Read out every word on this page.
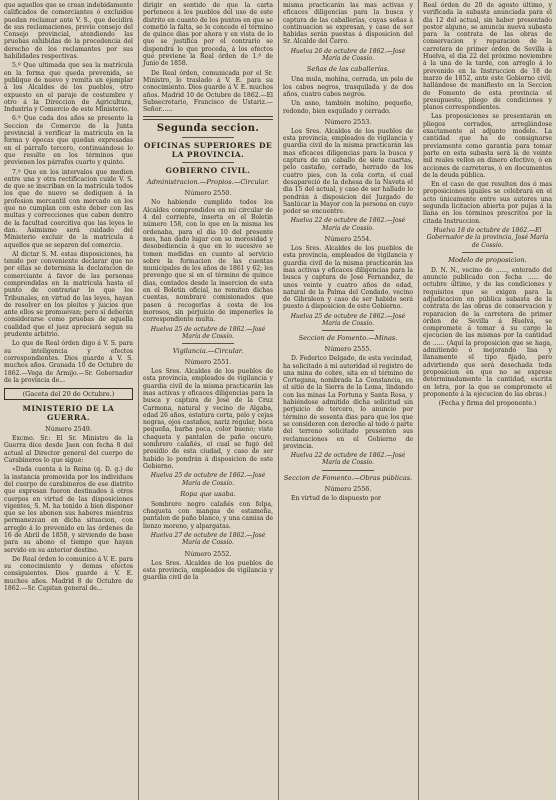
que aquellos que se crean indebidamente calificados de comerciantes ó excluidos puedan reclamar ante V. S., que decidirá de sus reclamaciones, previo consejo del Consejo provincial, atendiendo las pruebas exhibidas de la procedencia del derecho de los reclamantes por sus habilidades respectivas.

5.º Que ultimada que sea la matrícula en la forma que queda prevenida, se publique de nuevo y remita un ejemplar á los Alcaldes de los pueblos, otro expuesto en el paraje de costumbre y otro á la Direccion de Agricultura, Industria y Comercio de este Ministerio.

6.º Que cada dos años se presente la Seccion de Comercio de la Junta provincial á verificar la matrícula en la forma y épocas que quedan expresadas en el párrafo tercero, continuándose lo que resulte en los términos que previenen los párrafos cuarto y quinto.

7.º Que en los intervalos que medien entre una y otra rectificacion cuide V. S. de que se inscriban en la matrícula todos los que de nuevo se dediquen á la profesion mercantil con mercado en los que no cumplan con este deber con las multas y correcciones que caben dentro de la facultad coercitiva que las leyes le dan. Asimismo será cuidado del Ministerio excluir de la matrícula á aquellos que se separen del comercio.

Al dictar S. M. estas disposiciones, ha tenido por conveniente declarar que no por ellas se determina la declaracion de comerciante á favor de las personas comprendidas en la matrícula hasta el punto de contrariar lo que los Tribunales, en virtud de las leyes, hayan de resolver en los pleitos y juicios que ante ellos se promuevan; pero sí deberán considerarse como pruebas de aquella cualidad que el juez apreciará segun su prudente arbitrio.

Lo que de Real órden digo á V. S. para su inteligencia y efectos correspondientes. Dios guarde á V. S. muchos años. Granada 10 de Octubre de 1862.—Vega de Armijo.—Sr. Gobernador de la provincia de...

(Gaceta del 20 de Octubre.)
MINISTERIO DE LA GUERRA.
Número 2549.

Excmo. Sr.: El Sr. Ministro de la Guerra dice desde Jaen con fecha 8 del actual al Director general del cuerpo de Carabineros lo que sigue:

«Dada cuenta á la Reina (q. D. g.) de la instancia promovida por los individuos del cuerpo de carabineros de ese distrito que expresan fueron destinados á otros cuerpos en virtud de las disposiciones vigentes, S. M. ha tenido á bien disponer que se les abonen sus haberes mientras permanezcan en dicha situacion, con arreglo á lo prevenido en las órdenes de 16 de Abril de 1858, y sirviendo de base para su abono el tiempo que hayan servido en su anterior destino.

De Real órden lo comunico á V. E. para su conocimiento y demas efectos consiguientes. Dios guarde á V. E. muchos años. Madrid 8 de Octubre de 1862.—Sr. Capitan general de...

dirigir en sentido de que la carta pertenece á los pueblos del uso de este distrito en cuanto de los puntos en que se cometió la falta, se le concede el término de quince dias por ahora y en vista de lo que se justifica por el contrario se dispondrá lo que proceda, á los efectos que previene la Real órden de 1.º de Junio de 1858.

De Real órden, comunicada por el Sr. Ministro, lo traslado á V. E. para su conocimiento. Dios guarde á V. E. muchos años. Madrid 10 de Octubre de 1862.—El Subsecretario, Francisco de Ustariz.—Señor......

Segunda seccion.
OFICINAS SUPERIORES DE LA PROVINCIA.
GOBIERNO CIVIL.
Administracion.—Propios.—Circular.
Número 2550.

No habiendo cumplido todos los Alcaldes comprendidos en mi circular de 4 del corriente, inserta en el Boletin número 158, con lo que en la misma les ordenaba, para el dia 10 del presente mes, han dado lugar con su morosidad y desobediencia á que en lo sucesivo se tomen medidas en cuanto al servicio sobre la formacion de las cuentas municipales de los años de 1861 y 62; les prevengo que si en el término de quince dias, contados desde la insercion de esta en el Boletin oficial, no remiten dichas cuentas, nombraré comisionados que pasen á recogerlas á costa de los morosos, sin perjuicio de imponerles la correspondiente multa.

Huelva 25 de octubre de 1862.—José María de Cossío.

Vigilancia.—Circular.
Número 2551.

Los Sres. Alcaldes de los pueblos de esta provincia, empleados de vigilancia y guardia civil de la misma practicarán las mas activas y eficaces diligencias para la busca y captura de José de la Cruz Carmona, natural y vecino de Algaba, edad 26 años, estatura corta, pelo y cejas negras, ojos castaños, nariz regular, boca pequeña, barba poca, color bueno; viste chaqueta y pantalon de paño oscuro, sombrero calañés, el cual se fugó del presidio de esta ciudad, y caso de ser habido lo pondrán á disposicion de este Gobierno.

Huelva 25 de octubre de 1862.—José María de Cossío.

Ropa que usaba.

Sombrero negro calañés con felpa, chaqueta con mangas de estameña, pantalon de paño blanco, y una camisa de lienzo moreno, y alpargatas.

Huelva 27 de octubre de 1862.—José María de Cossío.

Número 2552.

Los Sres. Alcaldes de los pueblos de esta provincia, empleados de vigilancia y guardia civil de la

misma practicarán las mas activas y eficaces diligencias para la busca y captura de las caballerías, cuyas señas á continuacion se expresan, y caso de ser habidas serán puestas á disposicion del Sr. Alcalde del Cerro.

Huelva 26 de octubre de 1862.—José María de Cossío.

Señas de las caballerías.

Una mula, mohína, cerrada, un pelo de los cabos negros, trasquilada y de dos años, cuatro cabos negros.

Un asno, también mohíno, pequeño, redondo, bien esquilado y cerrado.

Número 2553.

Los Sres. Alcaldes de los pueblos de esta provincia, empleados de vigilancia y guardia civil de la misma practicarán las mas eficaces diligencias para la busca y captura de un caballo de siete cuartas, pelo castaño, cerrado, herrado de los cuatro pies, con la cola corta, el cual desapareció de la dehesa de la Naveta el dia 15 del actual, y caso de ser hallado lo pondrán á disposicion del Juzgado de Sanlúcar la Mayor con la persona en cuyo poder se encuentre.

Huelva 22 de octubre de 1862.—José María de Cossío.

Número 2554.

Los Sres. Alcaldes de los pueblos de esta provincia, empleados de vigilancia y guardia civil de la misma practicarán las mas activas y eficaces diligencias para la busca y captura de José Fernandez, de unos veinte y cuatro años de edad, natural de la Palma del Condado, vecino de Gibraleon y caso de ser habido será puesto á disposicion de este Gobierno.

Huelva 25 de octubre de 1862.—José María de Cossío.

Seccion de Fomento.—Minas.
Número 2555.

D. Federico Delgado, de esta vecindad, ha solicitado á mi autoridad el registro de una mina de cobre, sita en el término de Cortegana, nombrada La Constancia, en el sitio de la Sierra de la Loma, lindando con las minas La Fortuna y Santa Rosa, y habiéndose admitido dicha solicitud sin perjuicio de tercero, lo anuncio por término de sesenta dias para que los que se consideren con derecho al todo ó parte del terreno solicitado presenten sus reclamaciones en el Gobierno de provincia.

Huelva 22 de octubre de 1862.—José María de Cossío.

Seccion de Fomento.—Obras públicas.
Número 2556.

En virtud de lo dispuesto por

Real órden de 20 de agosto último, y verificada la subasta anunciada para el dia 12 del actual, sin haber presentado postor alguno, se anuncia nueva subasta para la contrata de las obras de conservacion y reparacion de la carretera de primer órden de Sevilla á Huelva, el dia 22 del próximo noviembre á la una de la tarde, con arreglo á lo prevenido en la Instruccion de 18 de marzo de 1852, ante este Gobierno civil, hallándose de manifiesto en la Seccion de Fomento de esta provincia el presupuesto, pliego de condiciones y planos correspondientes.

Las proposiciones se presentarán en pliegos cerrados, arreglándose exactamente al adjunto modelo. La cantidad que ha de consignarse previamente como garantía para tomar parte en esta subasta será la de veinte mil reales vellon en dinero efectivo, ó en acciones de carreteras, ó en documentos de la deuda pública.

En el caso de que resulten dos ó mas proposiciones iguales se celebrará en el acto únicamente entre sus autores una segunda licitacion abierta por pujas á la llana en los términos prescritos por la citada Instruccion.

Huelva 18 de octubre de 1862.—El Gobernador de la provincia, José María de Cossío.

Modelo de proposicion.

D. N. N., vecino de ......, enterado del anuncio publicado con fecha ...... de octubre último, y de las condiciones y requisitos que se exigen para la adjudicacion en pública subasta de la contrata de las obras de conservacion y reparacion de la carretera de primer órden de Sevilla á Huelva, se compromete á tomar á su cargo la ejecucion de las mismas por la cantidad de ...... (Aquí la proposicion que se haga, admitiendo ó mejorando lisa y llanamente el tipo fijado, pero advirtiendo que será desechada toda proposicion en que no se exprese determinadamente la cantidad, escrita en letra, por la que se compromete el proponente á la ejecucion de las obras.)

(Fecha y firma del proponente.)
